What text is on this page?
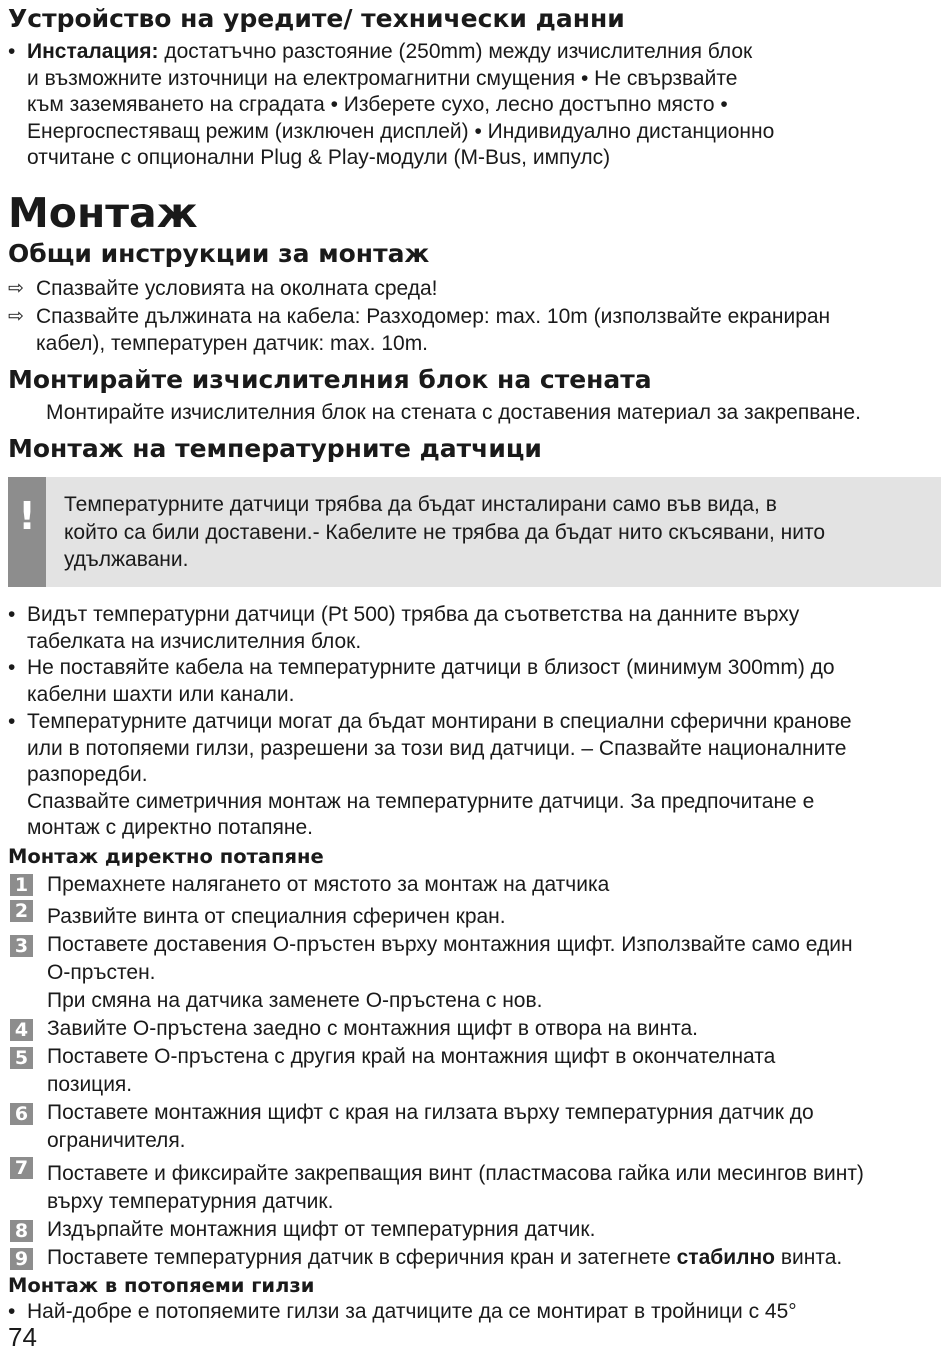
Устройство на уредите/ технически данни
• Инсталация: достатъчно разстояние (250mm) между изчислителния блок
и възможните източници на електромагнитни смущения • Не свързвайте
към заземяването на сградата • Изберете сухо, лесно достъпно място •
Енергоспестяващ режим (изключен дисплей) • Индивидуално дистанционно
отчитане с опционални Plug & Play-модули (M-Bus, импулс)
Монтаж
Общи инструкции за монтаж
⇨ Спазвайте условията на околната среда!
⇨ Спазвайте дължината на кабела: Разходомер: max. 10m (използвайте екраниран
кабел), температурен датчик: max. 10m.
Монтирайте изчислителния блок на стената
Монтирайте изчислителния блок на стената с доставения материал за закрепване.
Монтаж на температурните датчици
!	Температурните датчици трябва да бъдат инсталирани само във вида, в
който са били доставени.- Кабелите не трябва да бъдат нито скъсявани, нито
удължавани.
• Видът температурни датчици (Pt 500) трябва да съответства на данните върху
табелката на изчислителния блок.
• Не поставяйте кабела на температурните датчици в близост (минимум 300mm) до
кабелни шахти или канали.
• Температурните датчици могат да бъдат монтирани в специални сферични кранове
или в потопяеми гилзи, разрешени за този вид датчици. – Спазвайте националните
разпоредби.
Спазвайте симетричния монтаж на температурните датчици. За предпочитане е
монтаж с директно потапяне.
Монтаж директно потапяне
1 Премахнете налягането от мястото за монтаж на датчика
2 Развийте винта от специалния сферичен кран.
3 Поставете доставения О-пръстен върху монтажния щифт. Използвайте само един
О-пръстен.
При смяна на датчика заменете О-пръстена с нов.
4 Завийте О-пръстена заедно с монтажния щифт в отвора на винта.
5 Поставете О-пръстена с другия край на монтажния щифт в окончателната
позиция.
6 Поставете монтажния щифт с края на гилзата върху температурния датчик до
ограничителя.
7 Поставете и фиксирайте закрепващия винт (пластмасова гайка или месингов винт)
върху температурния датчик.
8 Издърпайте монтажния щифт от температурния датчик.
9 Поставете температурния датчик в сферичния кран и затегнете стабилно винта.
Монтаж в потопяеми гилзи
• Най-добре е потопяемите гилзи за датчиците да се монтират в тройници с 45°
74
